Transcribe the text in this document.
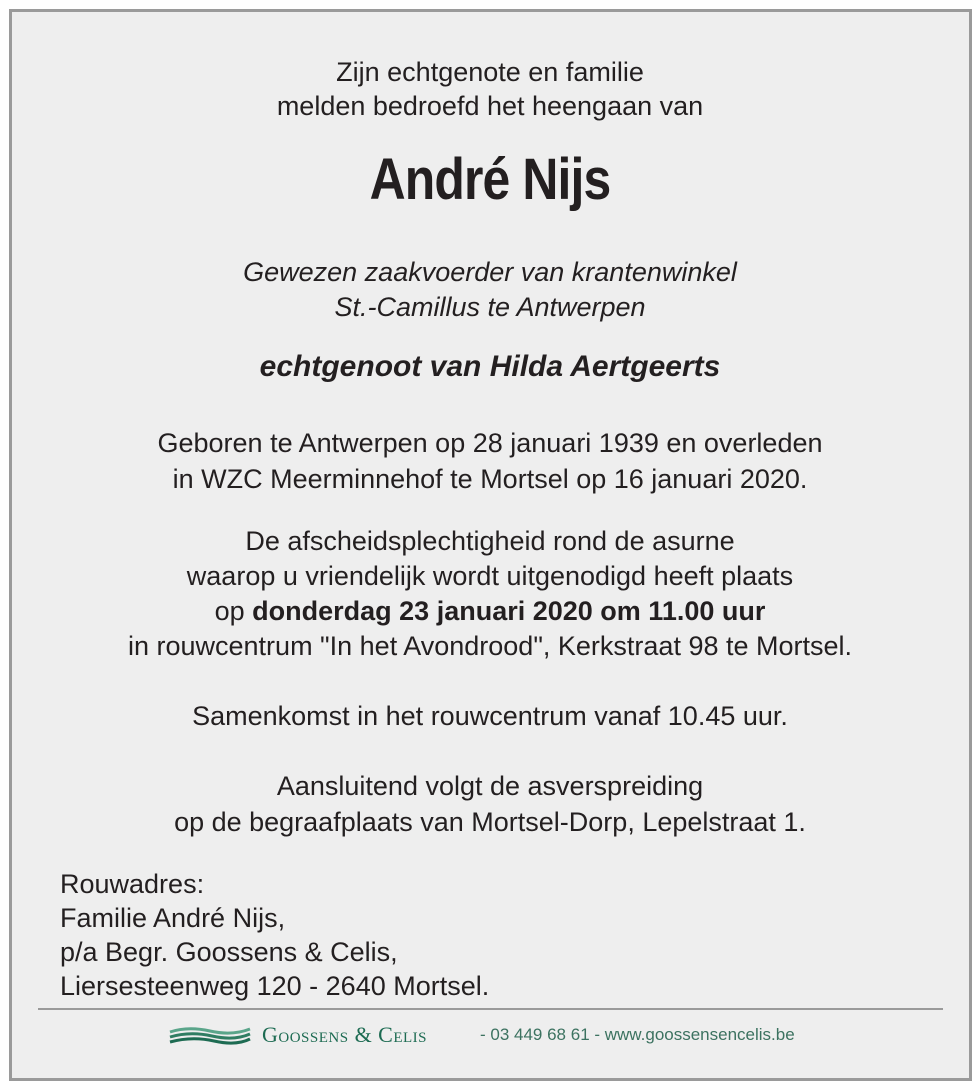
Zijn echtgenote en familie
melden bedroefd het heengaan van
André Nijs
Gewezen zaakvoerder van krantenwinkel
St.-Camillus te Antwerpen
echtgenoot van Hilda Aertgeerts
Geboren te Antwerpen op 28 januari 1939 en overleden
in WZC Meerminnehof te Mortsel op 16 januari 2020.
De afscheidsplechtigheid rond de asurne
waarop u vriendelijk wordt uitgenodigd heeft plaats
op donderdag 23 januari 2020 om 11.00 uur
in rouwcentrum "In het Avondrood", Kerkstraat 98 te Mortsel.
Samenkomst in het rouwcentrum vanaf 10.45 uur.
Aansluitend volgt de asverspreiding
op de begraafplaats van Mortsel-Dorp, Lepelstraat 1.
Rouwadres:
Familie André Nijs,
p/a Begr. Goossens & Celis,
Liersesteenweg 120 - 2640 Mortsel.
Goossens & Celis	- 03 449 68 61 - www.goossensencelis.be
